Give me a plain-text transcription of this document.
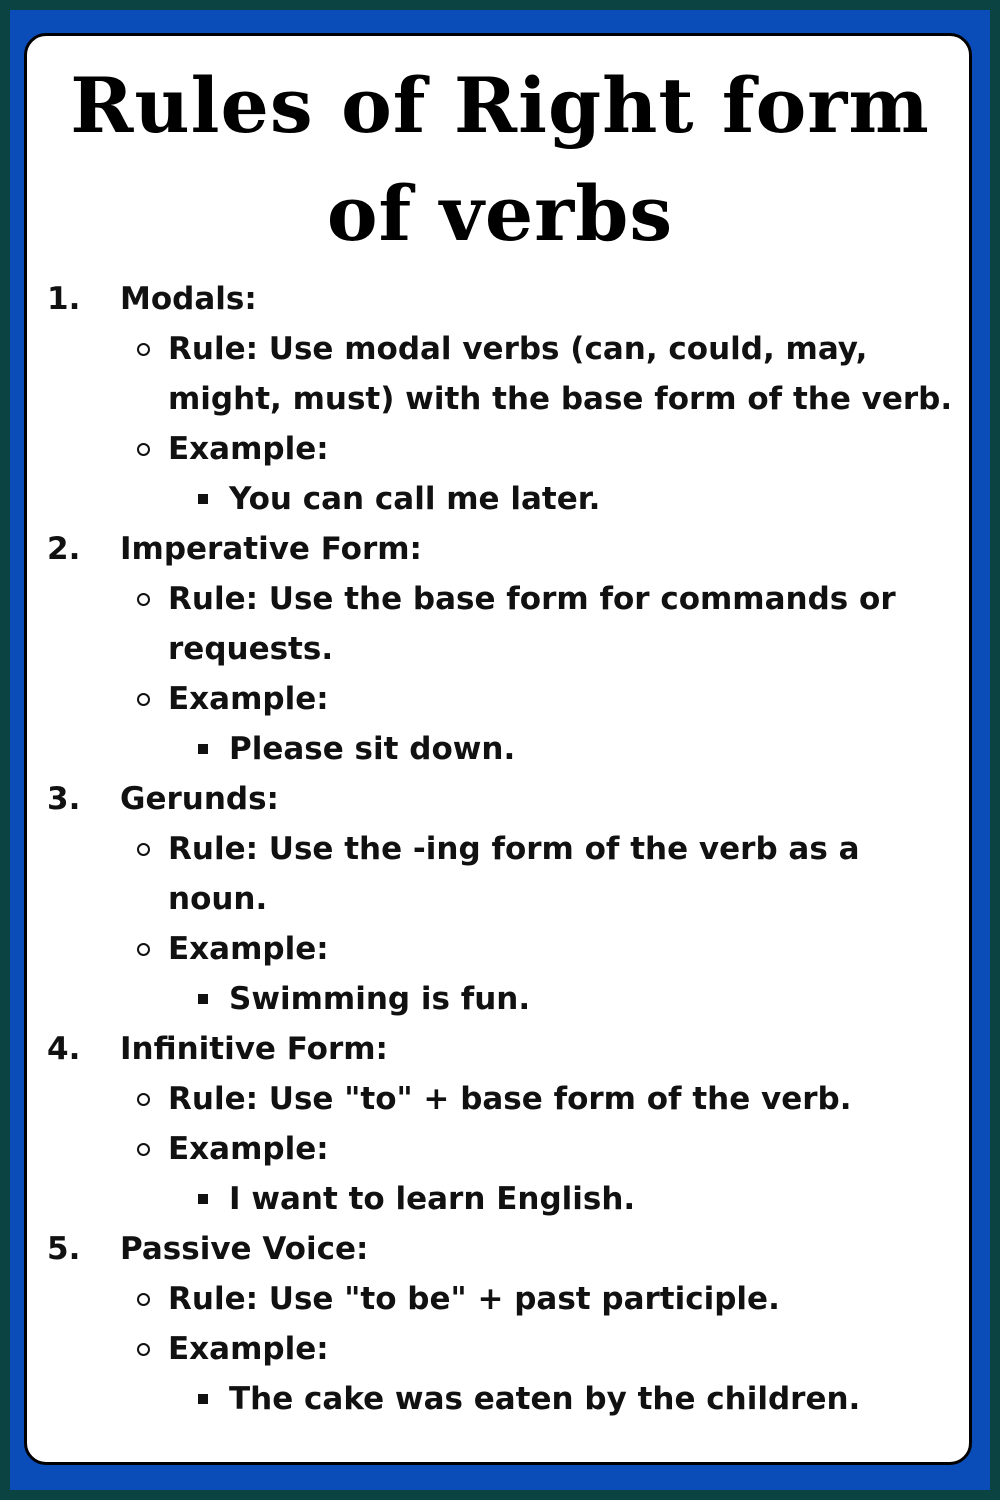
Rules of Right form
of verbs
1. Modals:
Rule: Use modal verbs (can, could, may,
might, must) with the base form of the verb.
Example:
You can call me later.
2. Imperative Form:
Rule: Use the base form for commands or
requests.
Example:
Please sit down.
3. Gerunds:
Rule: Use the -ing form of the verb as a
noun.
Example:
Swimming is fun.
4. Infinitive Form:
Rule: Use "to" + base form of the verb.
Example:
I want to learn English.
5. Passive Voice:
Rule: Use "to be" + past participle.
Example:
The cake was eaten by the children.
